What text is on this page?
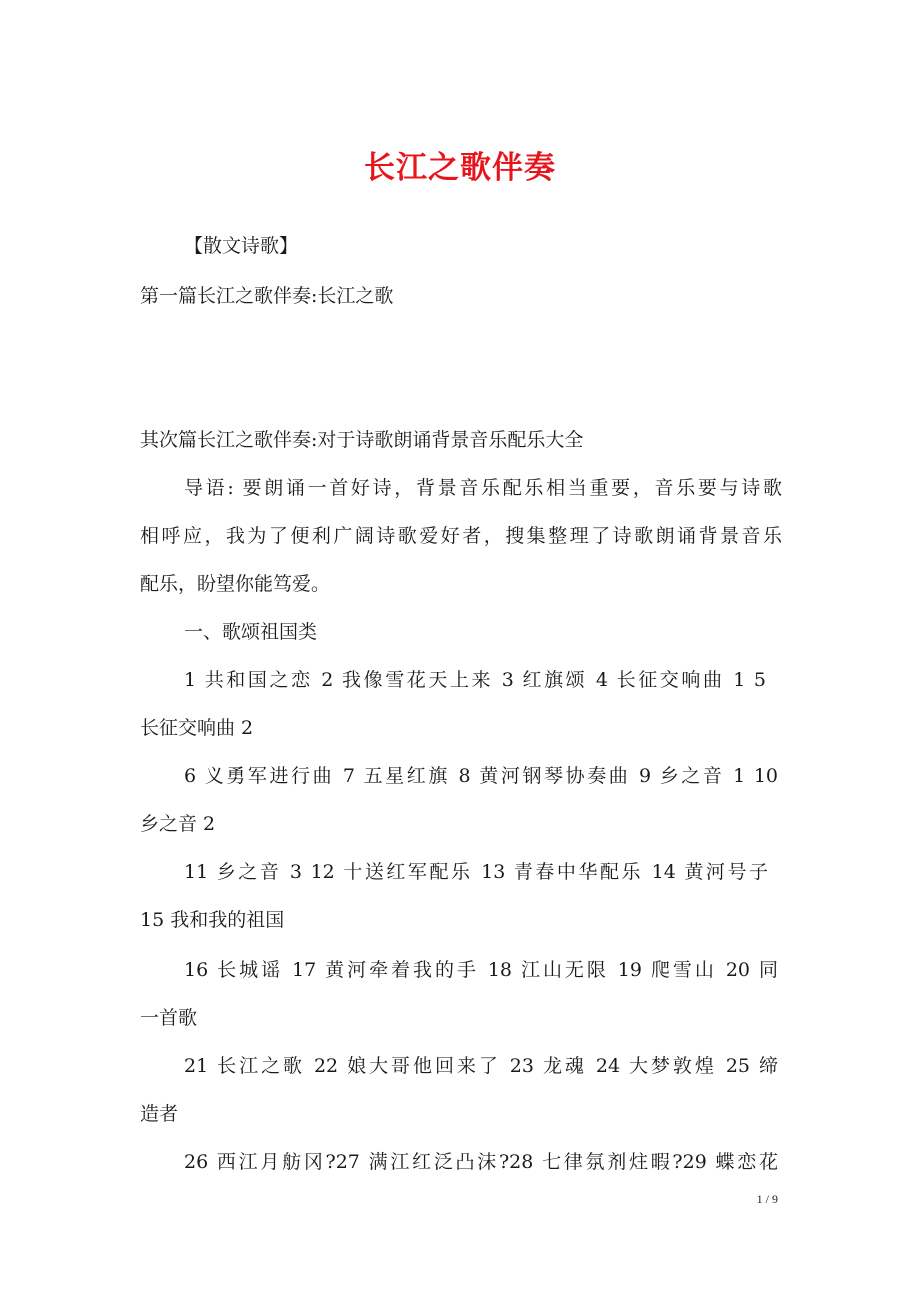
长江之歌伴奏
【散文诗歌】
第一篇长江之歌伴奏:长江之歌
其次篇长江之歌伴奏:对于诗歌朗诵背景音乐配乐大全
导语: 要朗诵一首好诗，背景音乐配乐相当重要，音乐要与诗歌
相呼应，我为了便利广阔诗歌爱好者，搜集整理了诗歌朗诵背景音乐
配乐，盼望你能笃爱。
一、歌颂祖国类
1 共和国之恋 2 我像雪花天上来 3 红旗颂 4 长征交响曲 1 5
长征交响曲 2
6 义勇军进行曲 7 五星红旗 8 黄河钢琴协奏曲 9 乡之音 1 10
乡之音 2
11 乡之音 3 12 十送红军配乐 13 青春中华配乐 14 黄河号子
15 我和我的祖国
16 长城谣 17 黄河牵着我的手 18 江山无限 19 爬雪山 20 同
一首歌
21 长江之歌 22 娘大哥他回来了 23 龙魂 24 大梦敦煌 25 缔
造者
26 西江月舫冈?27 满江红泛凸沫?28 七律氛剂炷暇?29 蝶恋花
1 / 9
